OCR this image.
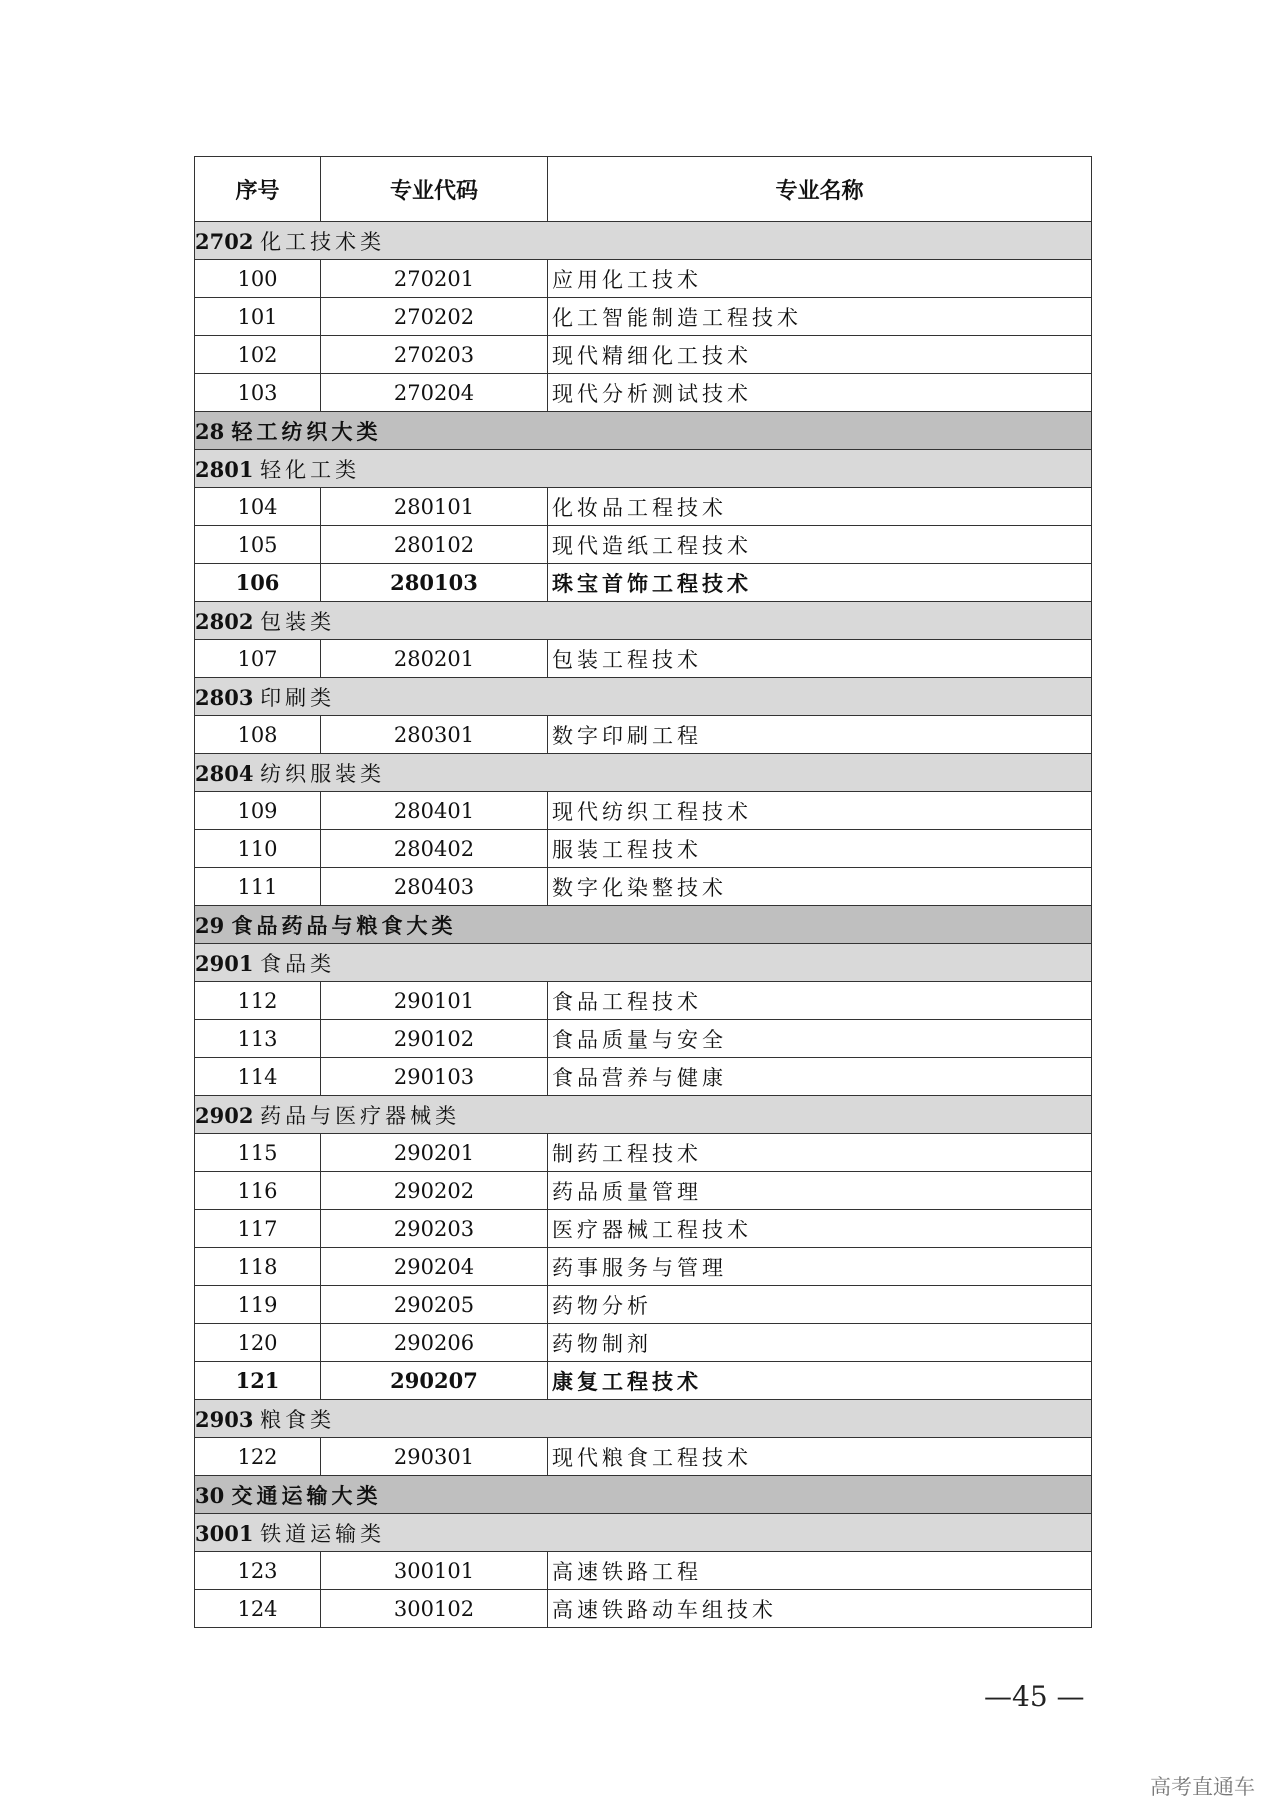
序号	专业代码	专业名称
2702 化工技术类		
100	270201	应用化工技术
101	270202	化工智能制造工程技术
102	270203	现代精细化工技术
103	270204	现代分析测试技术
28 轻工纺织大类		
2801 轻化工类		
104	280101	化妆品工程技术
105	280102	现代造纸工程技术
106	280103	珠宝首饰工程技术
2802 包装类		
107	280201	包装工程技术
2803 印刷类		
108	280301	数字印刷工程
2804 纺织服装类		
109	280401	现代纺织工程技术
110	280402	服装工程技术
111	280403	数字化染整技术
29 食品药品与粮食大类		
2901 食品类		
112	290101	食品工程技术
113	290102	食品质量与安全
114	290103	食品营养与健康
2902 药品与医疗器械类		
115	290201	制药工程技术
116	290202	药品质量管理
117	290203	医疗器械工程技术
118	290204	药事服务与管理
119	290205	药物分析
120	290206	药物制剂
121	290207	康复工程技术
2903 粮食类		
122	290301	现代粮食工程技术
30 交通运输大类		
3001 铁道运输类		
123	300101	高速铁路工程
124	300102	高速铁路动车组技术
—45 —
高考直通车
